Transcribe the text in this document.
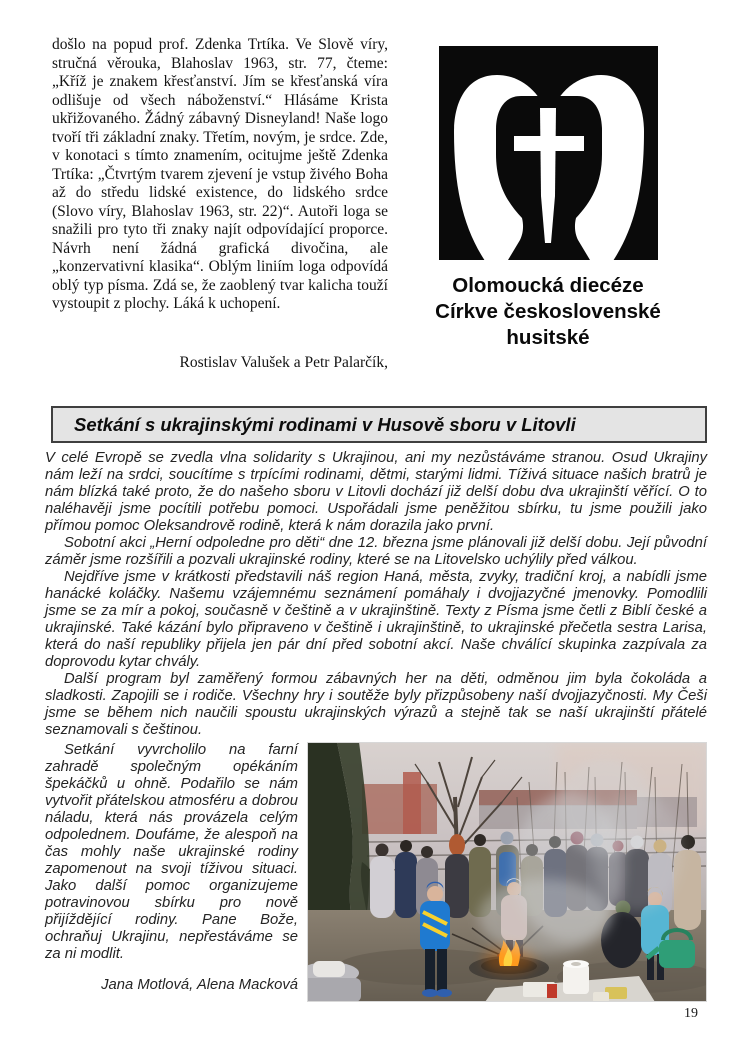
došlo na popud prof. Zdenka Trtíka. Ve Slově víry, stručná věrouka, Blahoslav 1963, str. 77, čteme: „Kříž je znakem křesťanství. Jím se křesťanská víra odlišuje od všech náboženství.“ Hlásáme Krista ukřižovaného. Žádný zábavný Disneyland! Naše logo tvoří tři základní znaky. Třetím, novým, je srdce. Zde, v konotaci s tímto znamením, ocitujme ještě Zdenka Trtíka: „Čtvrtým tvarem zjevení je vstup živého Boha až do středu lidské existence, do lidského srdce (Slovo víry, Blahoslav 1963, str. 22)“. Autoři loga se snažili pro tyto tři znaky najít odpovídající proporce. Návrh není žádná grafická divočina, ale „konzervativní klasika“. Oblým liniím loga odpovídá oblý typ písma. Zdá se, že zaoblený tvar kalicha touží vystoupit z plochy. Láká k uchopení.
Rostislav Valušek a Petr Palarčík,
Olomoucká diecéze
Církve československé
husitské
Setkání s ukrajinskými rodinami v Husově sboru v Litovli

V celé Evropě se zvedla vlna solidarity s Ukrajinou, ani my nezůstáváme stranou. Osud Ukrajiny nám leží na srdci, soucítíme s trpícími rodinami, dětmi, starými lidmi. Tíživá situace našich bratrů je nám blízká také proto, že do našeho sboru v Litovli dochází již delší dobu dva ukrajinští věřící. O to naléhavěji jsme pocítili potřebu pomoci. Uspořádali jsme peněžitou sbírku, tu jsme použili jako přímou pomoc Oleksandrově rodině, která k nám dorazila jako první.

Sobotní akci „Herní odpoledne pro děti“ dne 12. března jsme plánovali již delší dobu. Její původní záměr jsme rozšířili a pozvali ukrajinské rodiny, které se na Litovelsko uchýlily před válkou.

Nejdříve jsme v krátkosti představili náš region Haná, města, zvyky, tradiční kroj, a nabídli jsme hanácké koláčky. Našemu vzájemnému seznámení pomáhaly i dvojjazyčné jmenovky. Pomodlili jsme se za mír a pokoj, současně v češtině a v ukrajinštině. Texty z Písma jsme četli z Biblí české a ukrajinské. Také kázání bylo připraveno v češtině i ukrajinštině, to ukrajinské přečetla sestra Larisa, která do naší republiky přijela jen pár dní před sobotní akcí. Naše chválící skupinka zazpívala za doprovodu kytar chvály.

Další program byl zaměřený formou zábavných her na děti, odměnou jim byla čokoláda a sladkosti. Zapojili se i rodiče. Všechny hry i soutěže byly přizpůsobeny naší dvojjazyčnosti. My Češi jsme se během nich naučili spoustu ukrajinských výrazů a stejně tak se naší ukrajinští přátelé seznamovali s češtinou.

Setkání vyvrcholilo na farní zahradě společným opékáním špekáčků u ohně. Podařilo se nám vytvořit přátelskou atmosféru a dobrou náladu, která nás provázela celým odpolednem. Doufáme, že alespoň na čas mohly naše ukrajinské rodiny zapomenout na svoji tíživou situaci. Jako další pomoc organizujeme potravinovou sbírku pro nově přijíždějící rodiny. Pane Bože, ochraňuj Ukrajinu, nepřestáváme se za ni modlit.

Jana Motlová, Alena Macková
19
